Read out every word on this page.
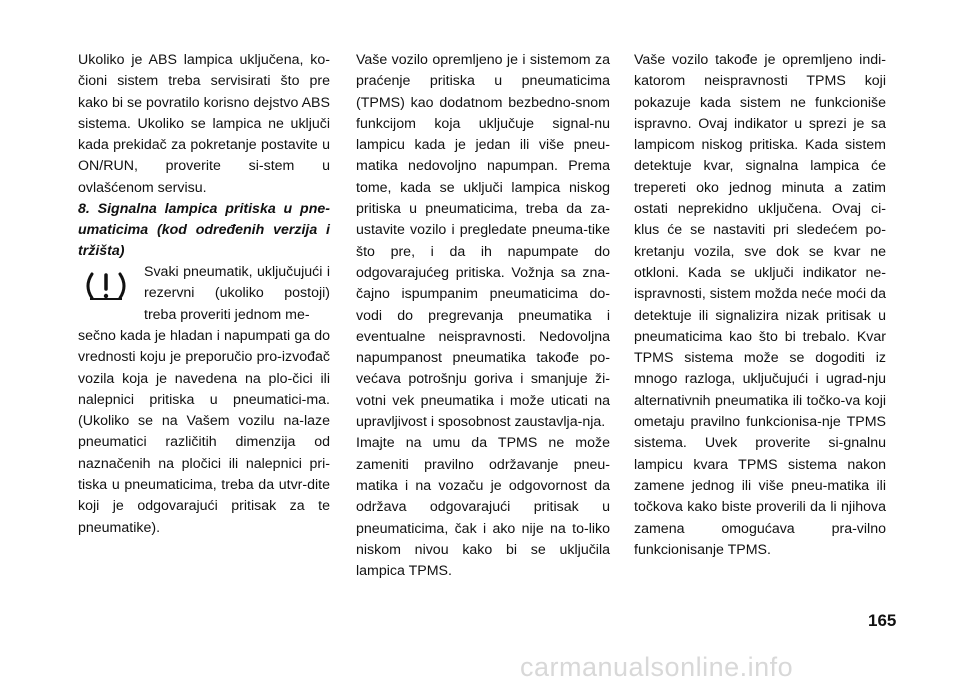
Ukoliko je ABS lampica uključena, ko-čioni sistem treba servisirati što pre kako bi se povratilo korisno dejstvo ABS sistema. Ukoliko se lampica ne uključi kada prekidač za pokretanje postavite u ON/RUN, proverite si-stem u ovlašćenom servisu.

8. Signalna lampica pritiska u pne-umaticima (kod određenih verzija i tržišta)

Svaki pneumatik, uključujući i rezervni (ukoliko postoji) treba proveriti jednom me-

sečno kada je hladan i napumpati ga do vrednosti koju je preporučio pro-izvođač vozila koja je navedena na plo-čici ili nalepnici pritiska u pneumatici-ma. (Ukoliko se na Vašem vozilu na-laze pneumatici različitih dimenzija od naznačenih na pločici ili nalepnici pri-tiska u pneumaticima, treba da utvr-dite koji je odgovarajući pritisak za te pneumatike).

Vaše vozilo opremljeno je i sistemom za praćenje pritiska u pneumaticima (TPMS) kao dodatnom bezbedno-snom funkcijom koja uključuje signal-nu lampicu kada je jedan ili više pneu-matika nedovoljno napumpan. Prema tome, kada se uključi lampica niskog pritiska u pneumaticima, treba da za-ustavite vozilo i pregledate pneuma-tike što pre, i da ih napumpate do odgovarajućeg pritiska. Vožnja sa zna-čajno ispumpanim pneumaticima do-vodi do pregrevanja pneumatika i eventualne neispravnosti. Nedovoljna napumpanost pneumatika takođe po-većava potrošnju goriva i smanjuje ži-votni vek pneumatika i može uticati na upravljivost i sposobnost zaustavlja-nja.

Imajte na umu da TPMS ne može zameniti pravilno održavanje pneu-matika i na vozaču je odgovornost da održava odgovarajući pritisak u pneumaticima, čak i ako nije na to-liko niskom nivou kako bi se uključila lampica TPMS.

Vaše vozilo takođe je opremljeno indi-katorom neispravnosti TPMS koji pokazuje kada sistem ne funkcioniše ispravno. Ovaj indikator u sprezi je sa lampicom niskog pritiska. Kada sistem detektuje kvar, signalna lampica će trepereti oko jednog minuta a zatim ostati neprekidno uključena. Ovaj ci-klus će se nastaviti pri sledećem po-kretanju vozila, sve dok se kvar ne otkloni. Kada se uključi indikator ne-ispravnosti, sistem možda neće moći da detektuje ili signalizira nizak pritisak u pneumaticima kao što bi trebalo. Kvar TPMS sistema može se dogoditi iz mnogo razloga, uključujući i ugrad-nju alternativnih pneumatika ili točko-va koji ometaju pravilno funkcionisa-nje TPMS sistema. Uvek proverite si-gnalnu lampicu kvara TPMS sistema nakon zamene jednog ili više pneu-matika ili točkova kako biste proverili da li njihova zamena omogućava pra-vilno funkcionisanje TPMS.

165
carmanualsonline.info
